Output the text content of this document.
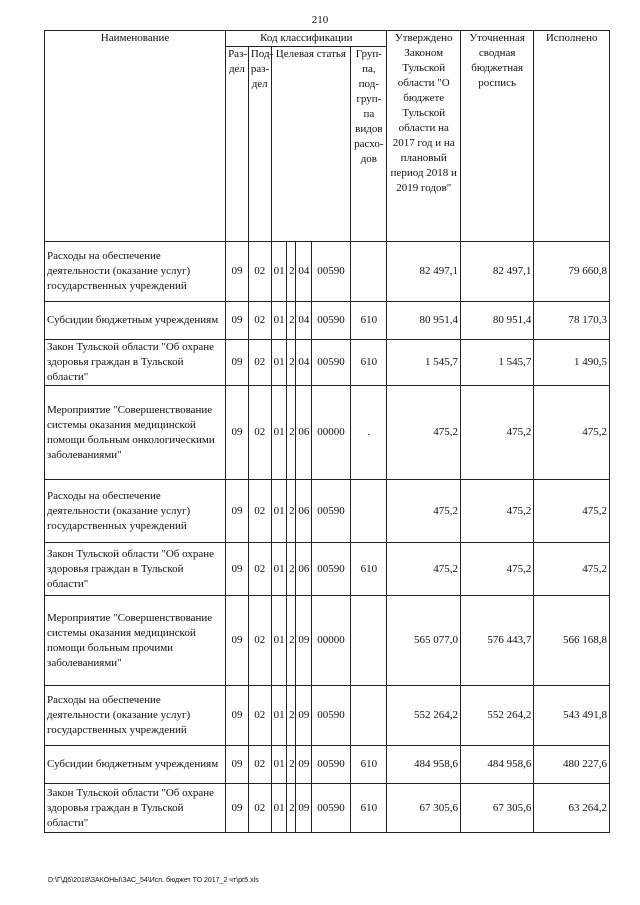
210
Наименование	Код классификации							Утверждено Законом Тульской области "О бюджете Тульской области на 2017 год и на плановый период 2018 и 2019 годов"	Уточненная сводная бюджетная роспись	Исполнено
	Раз-дел	Под-раз-дел	Целевая статья				Груп-па, под-груп-па видов расхо-дов			
Расходы на обеспечение деятельности (оказание услуг) государственных учреждений	09	02	01	2	04	00590		82 497,1	82 497,1	79 660,8
Субсидии бюджетным учреждениям	09	02	01	2	04	00590	610	80 951,4	80 951,4	78 170,3
Закон Тульской области "Об охране здоровья граждан в Тульской области"	09	02	01	2	04	00590	610	1 545,7	1 545,7	1 490,5
Мероприятие "Совершенствование системы оказания медицинской помощи больным онкологическими заболеваниями"	09	02	01	2	06	00000	.	475,2	475,2	475,2
Расходы на обеспечение деятельности (оказание услуг) государственных учреждений	09	02	01	2	06	00590		475,2	475,2	475,2
Закон Тульской области "Об охране здоровья граждан в Тульской области"	09	02	01	2	06	00590	610	475,2	475,2	475,2
Мероприятие "Совершенствование системы оказания медицинской помощи больным прочими заболеваниями"	09	02	01	2	09	00000		565 077,0	576 443,7	566 168,8
Расходы на обеспечение деятельности (оказание услуг) государственных учреждений	09	02	01	2	09	00590		552 264,2	552 264,2	543 491,8
Субсидии бюджетным учреждениям	09	02	01	2	09	00590	610	484 958,6	484 958,6	480 227,6
Закон Тульской области "Об охране здоровья граждан в Тульской области"	09	02	01	2	09	00590	610	67 305,6	67 305,6	63 264,2
D:\Г\Д6\2018\ЗАКОНЫ\ЗАС_54\Исп. бюджет ТО 2017_2 чт\pr5.xls
